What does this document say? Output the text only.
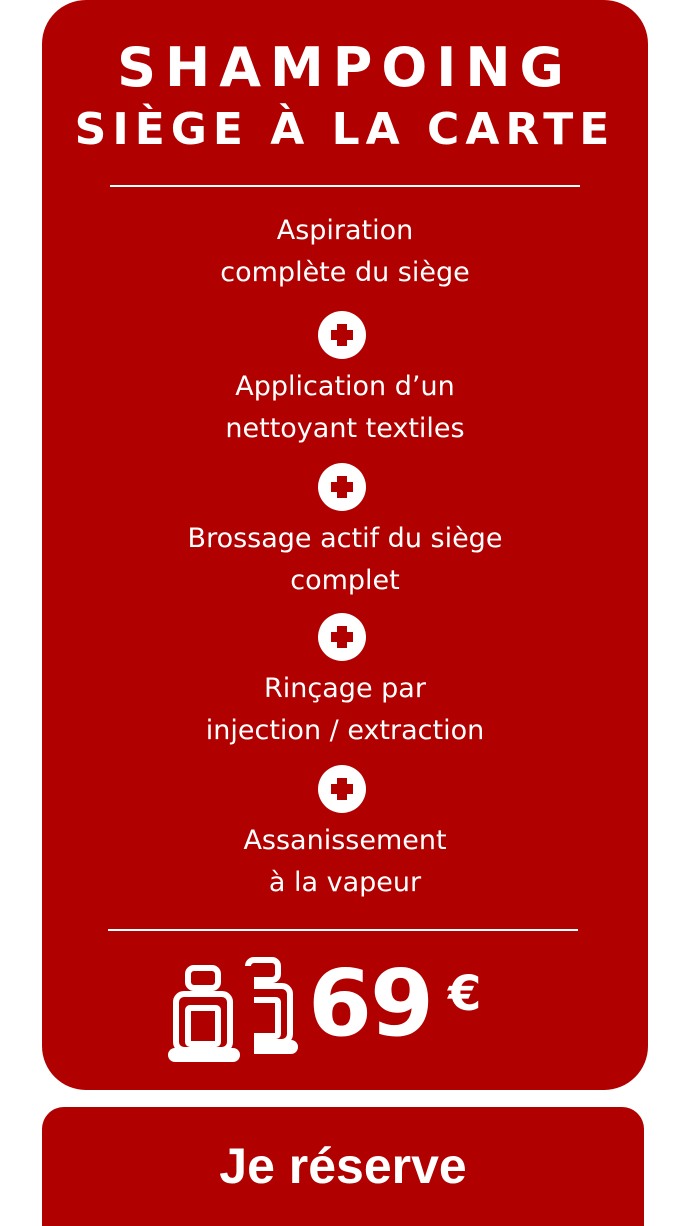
SHAMPOING
SIÈGE À LA CARTE
Aspiration
complète du siège
Application d’un
nettoyant textiles
Brossage actif du siège
complet
Rinçage par
injection / extraction
Assanissement
à la vapeur
69 €
Je réserve
